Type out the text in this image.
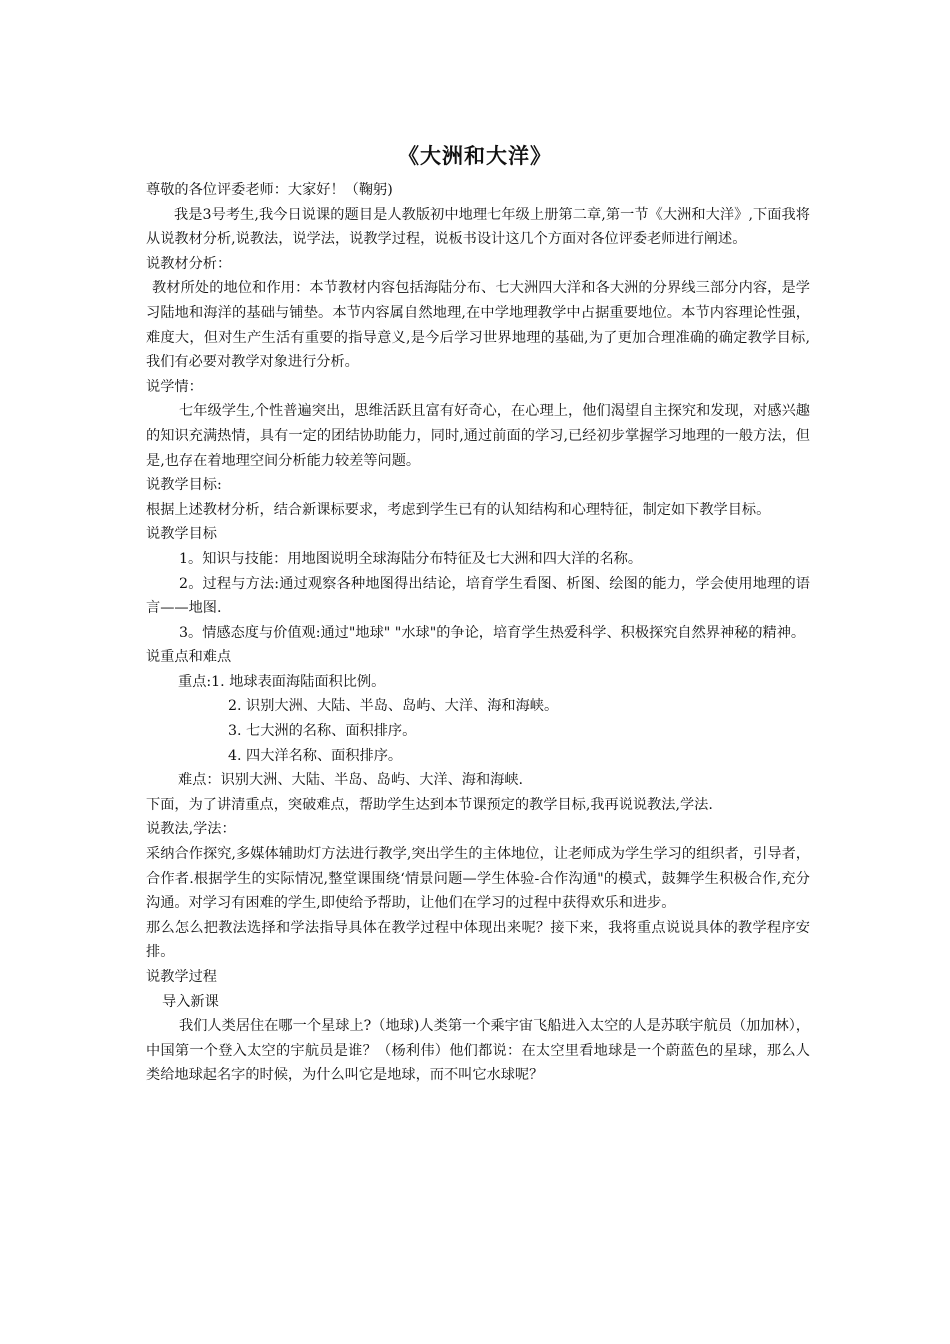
《大洲和大洋》

尊敬的各位评委老师：大家好！（鞠躬)

我是3号考生,我今日说课的题目是人教版初中地理七年级上册第二章,第一节《大洲和大洋》,下面我将从说教材分析,说教法，说学法，说教学过程，说板书设计这几个方面对各位评委老师进行阐述。

说教材分析：

教材所处的地位和作用：本节教材内容包括海陆分布、七大洲四大洋和各大洲的分界线三部分内容，是学习陆地和海洋的基础与铺垫。本节内容属自然地理,在中学地理教学中占据重要地位。本节内容理论性强，难度大，但对生产生活有重要的指导意义,是今后学习世界地理的基础,为了更加合理准确的确定教学目标,我们有必要对教学对象进行分析。

说学情：

七年级学生,个性普遍突出，思维活跃且富有好奇心，在心理上，他们渴望自主探究和发现，对感兴趣的知识充满热情，具有一定的团结协助能力，同时,通过前面的学习,已经初步掌握学习地理的一般方法，但是,也存在着地理空间分析能力较差等问题。

说教学目标:

根据上述教材分析，结合新课标要求，考虑到学生已有的认知结构和心理特征，制定如下教学目标。

说教学目标

1。知识与技能：用地图说明全球海陆分布特征及七大洲和四大洋的名称。

2。过程与方法:通过观察各种地图得出结论，培育学生看图、析图、绘图的能力，学会使用地理的语言——地图.

3。情感态度与价值观:通过"地球" "水球"的争论，培育学生热爱科学、积极探究自然界神秘的精神。

说重点和难点

重点:1. 地球表面海陆面积比例。

2. 识别大洲、大陆、半岛、岛屿、大洋、海和海峡。

3. 七大洲的名称、面积排序。

4. 四大洋名称、面积排序。

难点：识别大洲、大陆、半岛、岛屿、大洋、海和海峡.

下面，为了讲清重点，突破难点，帮助学生达到本节课预定的教学目标,我再说说教法,学法.

说教法,学法：

采纳合作探究,多媒体辅助灯方法进行教学,突出学生的主体地位，让老师成为学生学习的组织者，引导者，合作者.根据学生的实际情况,整堂课围绕‘情景问题—学生体验-合作沟通"的模式，鼓舞学生积极合作,充分沟通。对学习有困难的学生,即使给予帮助，让他们在学习的过程中获得欢乐和进步。

那么怎么把教法选择和学法指导具体在教学过程中体现出来呢？接下来，我将重点说说具体的教学程序安排。

说教学过程

导入新课

我们人类居住在哪一个星球上?（地球)人类第一个乘宇宙飞船进入太空的人是苏联宇航员（加加林），中国第一个登入太空的宇航员是谁？（杨利伟）他们都说：在太空里看地球是一个蔚蓝色的星球，那么人类给地球起名字的时候，为什么叫它是地球，而不叫它水球呢？
